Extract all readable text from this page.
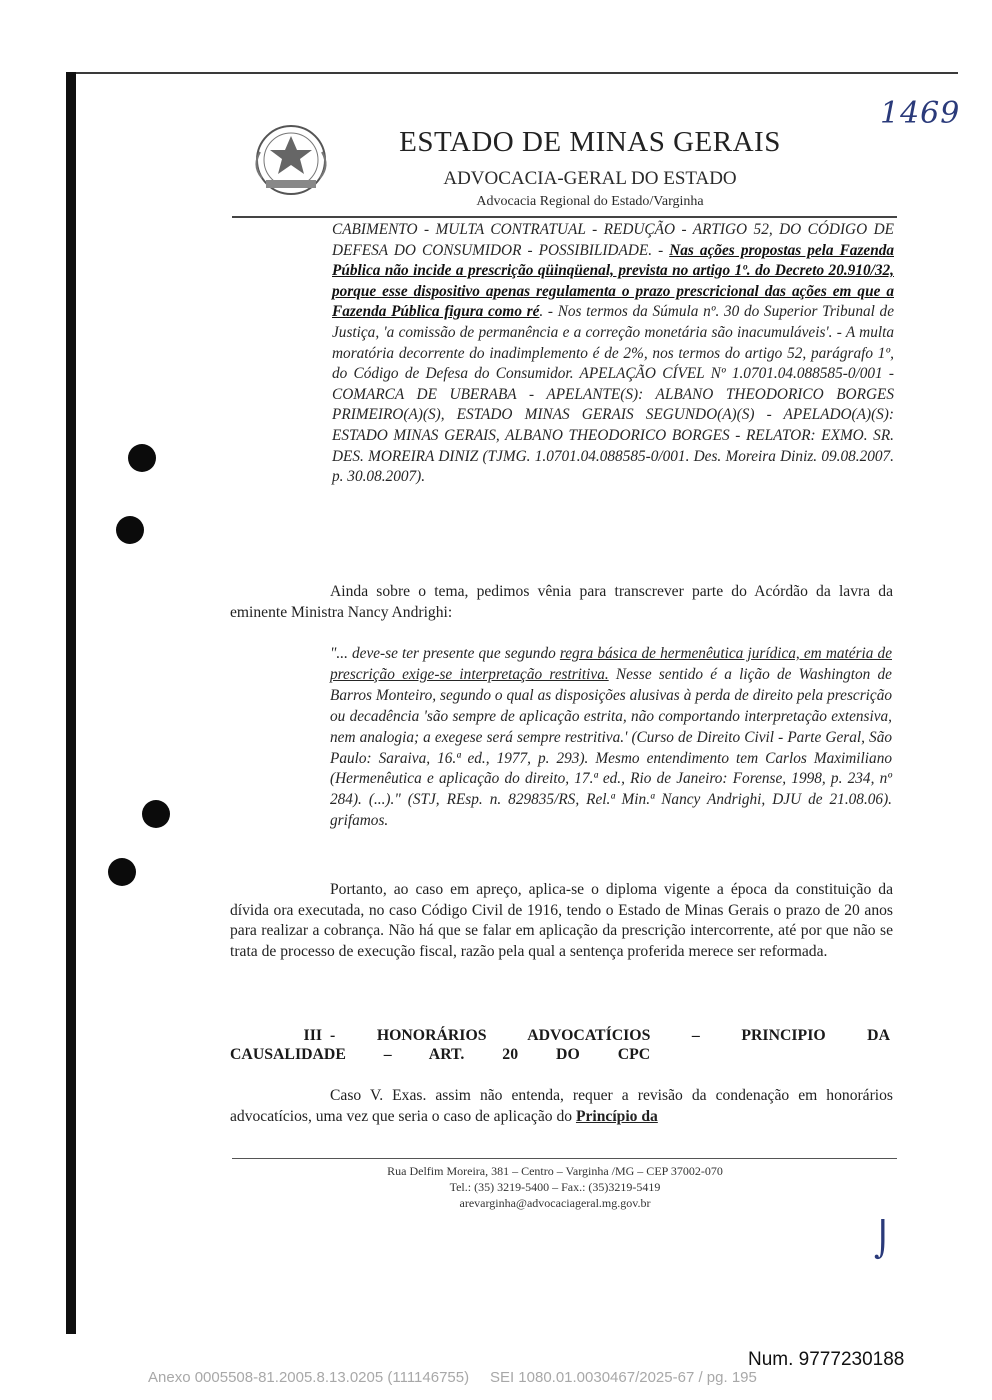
1469
ESTADO DE MINAS GERAIS
ADVOCACIA-GERAL DO ESTADO
Advocacia Regional do Estado/Varginha
CABIMENTO - MULTA CONTRATUAL - REDUÇÃO - ARTIGO 52, DO CÓDIGO DE DEFESA DO CONSUMIDOR - POSSIBILIDADE. - Nas ações propostas pela Fazenda Pública não incide a prescrição qüinqüenal, prevista no artigo 1º. do Decreto 20.910/32, porque esse dispositivo apenas regulamenta o prazo prescricional das ações em que a Fazenda Pública figura como ré. - Nos termos da Súmula nº. 30 do Superior Tribunal de Justiça, 'a comissão de permanência e a correção monetária são inacumuláveis'. - A multa moratória decorrente do inadimplemento é de 2%, nos termos do artigo 52, parágrafo 1º, do Código de Defesa do Consumidor. APELAÇÃO CÍVEL Nº 1.0701.04.088585-0/001 - COMARCA DE UBERABA - APELANTE(S): ALBANO THEODORICO BORGES PRIMEIRO(A)(S), ESTADO MINAS GERAIS SEGUNDO(A)(S) - APELADO(A)(S): ESTADO MINAS GERAIS, ALBANO THEODORICO BORGES - RELATOR: EXMO. SR. DES. MOREIRA DINIZ (TJMG. 1.0701.04.088585-0/001. Des. Moreira Diniz. 09.08.2007. p. 30.08.2007).
Ainda sobre o tema, pedimos vênia para transcrever parte do Acórdão da lavra da eminente Ministra Nancy Andrighi:
"... deve-se ter presente que segundo regra básica de hermenêutica jurídica, em matéria de prescrição exige-se interpretação restritiva. Nesse sentido é a lição de Washington de Barros Monteiro, segundo o qual as disposições alusivas à perda de direito pela prescrição ou decadência 'são sempre de aplicação estrita, não comportando interpretação extensiva, nem analogia; a exegese será sempre restritiva.' (Curso de Direito Civil - Parte Geral, São Paulo: Saraiva, 16.ª ed., 1977, p. 293). Mesmo entendimento tem Carlos Maximiliano (Hermenêutica e aplicação do direito, 17.ª ed., Rio de Janeiro: Forense, 1998, p. 234, nº 284). (...)." (STJ, REsp. n. 829835/RS, Rel.ª Min.ª Nancy Andrighi, DJU de 21.08.06). grifamos.
Portanto, ao caso em apreço, aplica-se o diploma vigente a época da constituição da dívida ora executada, no caso Código Civil de 1916, tendo o Estado de Minas Gerais o prazo de 20 anos para realizar a cobrança. Não há que se falar em aplicação da prescrição intercorrente, até por que não se trata de processo de execução fiscal, razão pela qual a sentença proferida merece ser reformada.
III - HONORÁRIOS ADVOCATÍCIOS – PRINCIPIO DA CAUSALIDADE – ART. 20 DO CPC
Caso V. Exas. assim não entenda, requer a revisão da condenação em honorários advocatícios, uma vez que seria o caso de aplicação do Princípio da
Rua Delfim Moreira, 381 – Centro – Varginha /MG – CEP 37002-070
Tel.: (35) 3219-5400 – Fax.: (35)3219-5419
arevarginha@advocaciageral.mg.gov.br
⌡
Num. 9777230188
Anexo 0005508-81.2005.8.13.0205 (111146755) SEI 1080.01.0030467/2025-67 / pg. 195
